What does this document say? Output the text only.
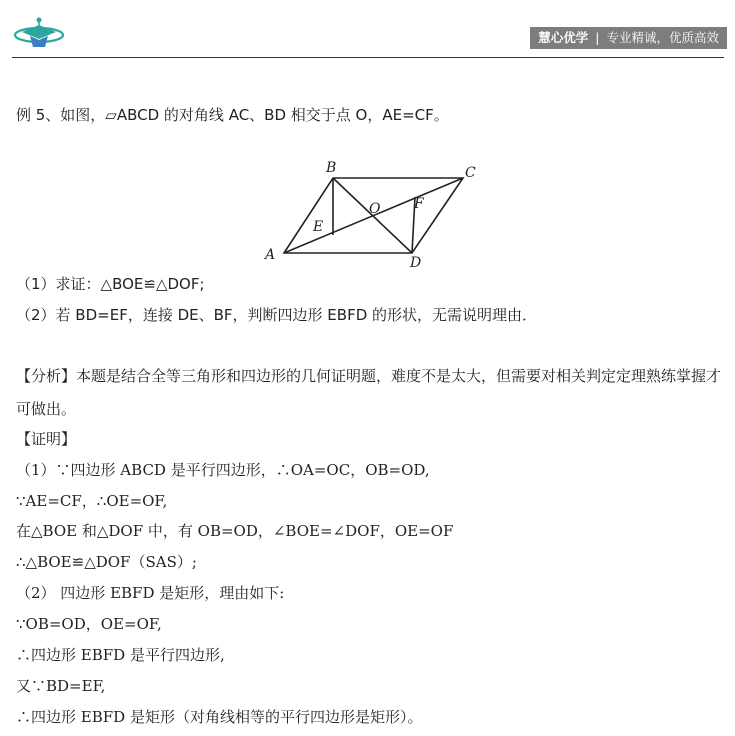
慧心优学 | 专业精诚，优质高效
例 5、如图，▱ABCD 的对角线 AC、BD 相交于点 O，AE=CF。
A
B	C
D
E
F
O
（1）求证：△BOE≌△DOF;
（2）若 BD=EF，连接 DE、BF，判断四边形 EBFD 的形状，无需说明理由．
【分析】本题是结合全等三角形和四边形的几何证明题，难度不是太大，但需要对相关判定定理熟练掌握才可做出。
【证明】
（1）∵四边形 ABCD 是平行四边形，∴OA=OC，OB=OD,
∵AE=CF，∴OE=OF,
在△BOE 和△DOF 中，有 OB=OD，∠BOE=∠DOF，OE=OF
∴△BOE≌△DOF（SAS）;
（2） 四边形 EBFD 是矩形，理由如下:
∵OB=OD，OE=OF,
∴四边形 EBFD 是平行四边形,
又∵BD=EF,
∴四边形 EBFD 是矩形（对角线相等的平行四边形是矩形）。
